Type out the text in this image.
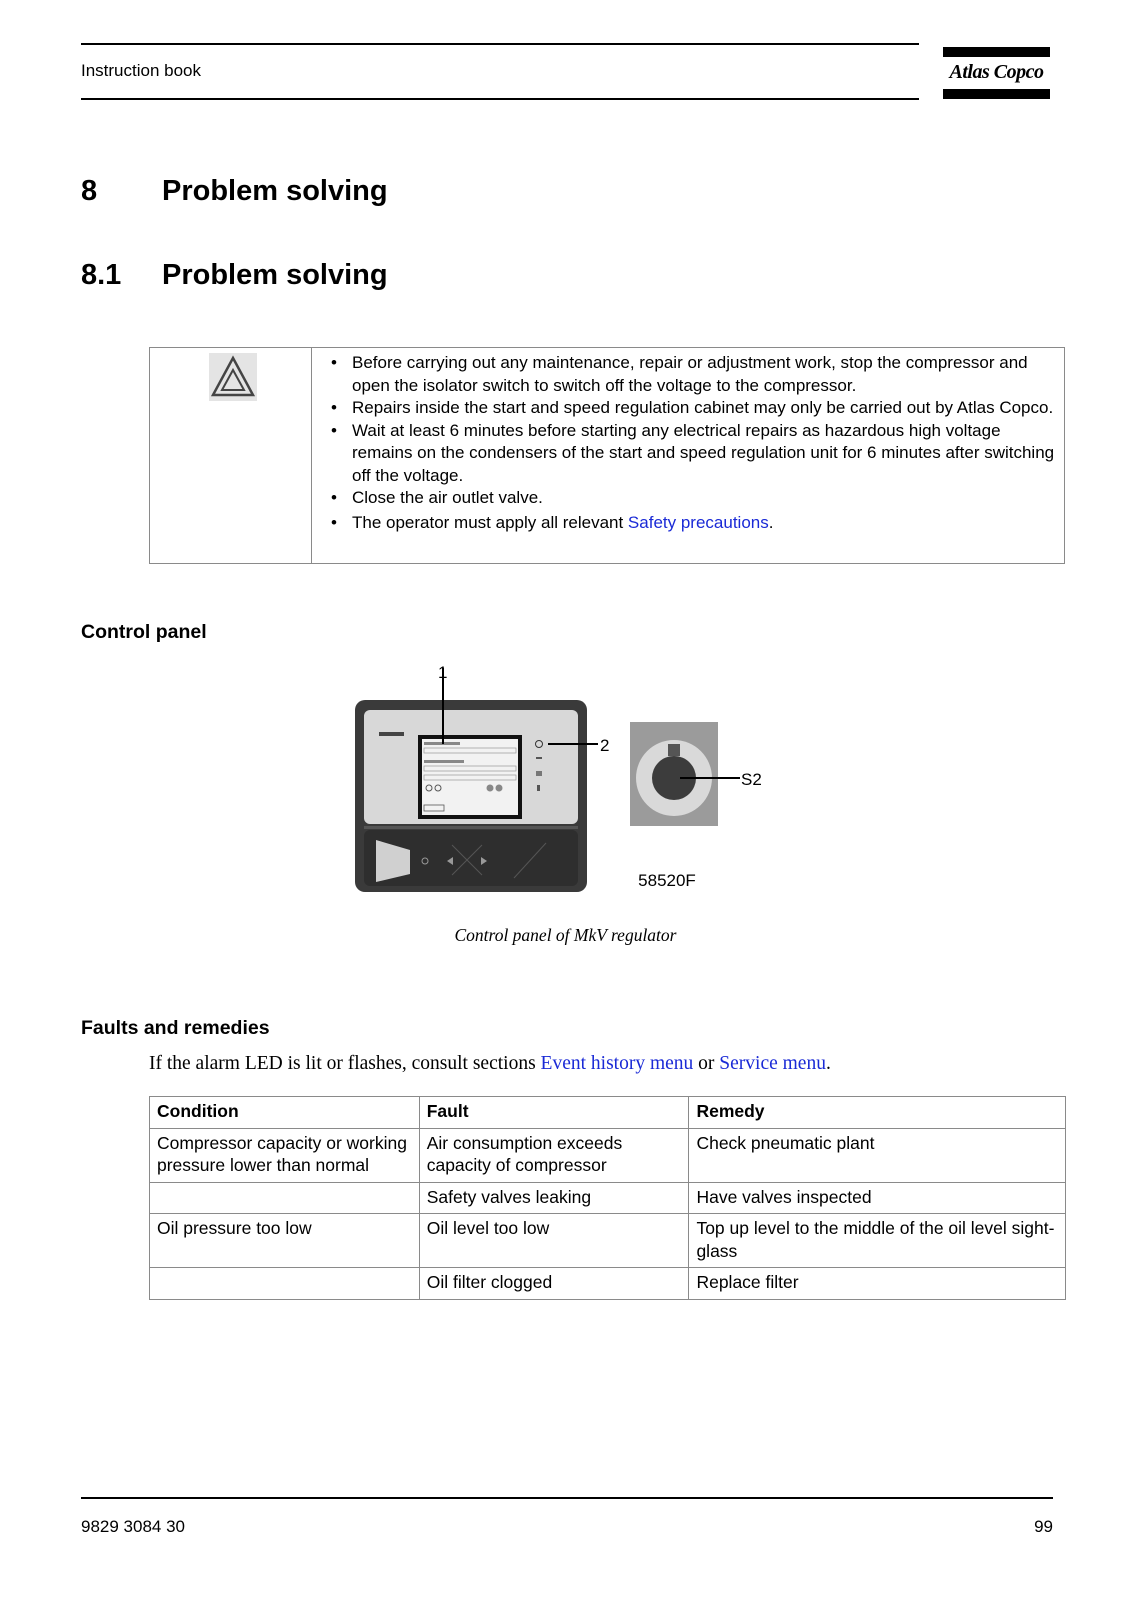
Instruction book	Atlas Copco
8 Problem solving
8.1 Problem solving
• Before carrying out any maintenance, repair or adjustment work, stop the compressor and open the isolator switch to switch off the voltage to the compressor.
• Repairs inside the start and speed regulation cabinet may only be carried out by Atlas Copco.
• Wait at least 6 minutes before starting any electrical repairs as hazardous high voltage remains on the condensers of the start and speed regulation unit for 6 minutes after switching off the voltage.
• Close the air outlet valve.
• The operator must apply all relevant Safety precautions.
Control panel
1
2
S2
58520F
Control panel of MkV regulator
Faults and remedies
If the alarm LED is lit or flashes, consult sections Event history menu or Service menu.
Condition	Fault	Remedy
Compressor capacity or working pressure lower than normal	Air consumption exceeds capacity of compressor	Check pneumatic plant
	Safety valves leaking	Have valves inspected
Oil pressure too low	Oil level too low	Top up level to the middle of the oil level sight-glass
	Oil filter clogged	Replace filter
9829 3084 30	99
